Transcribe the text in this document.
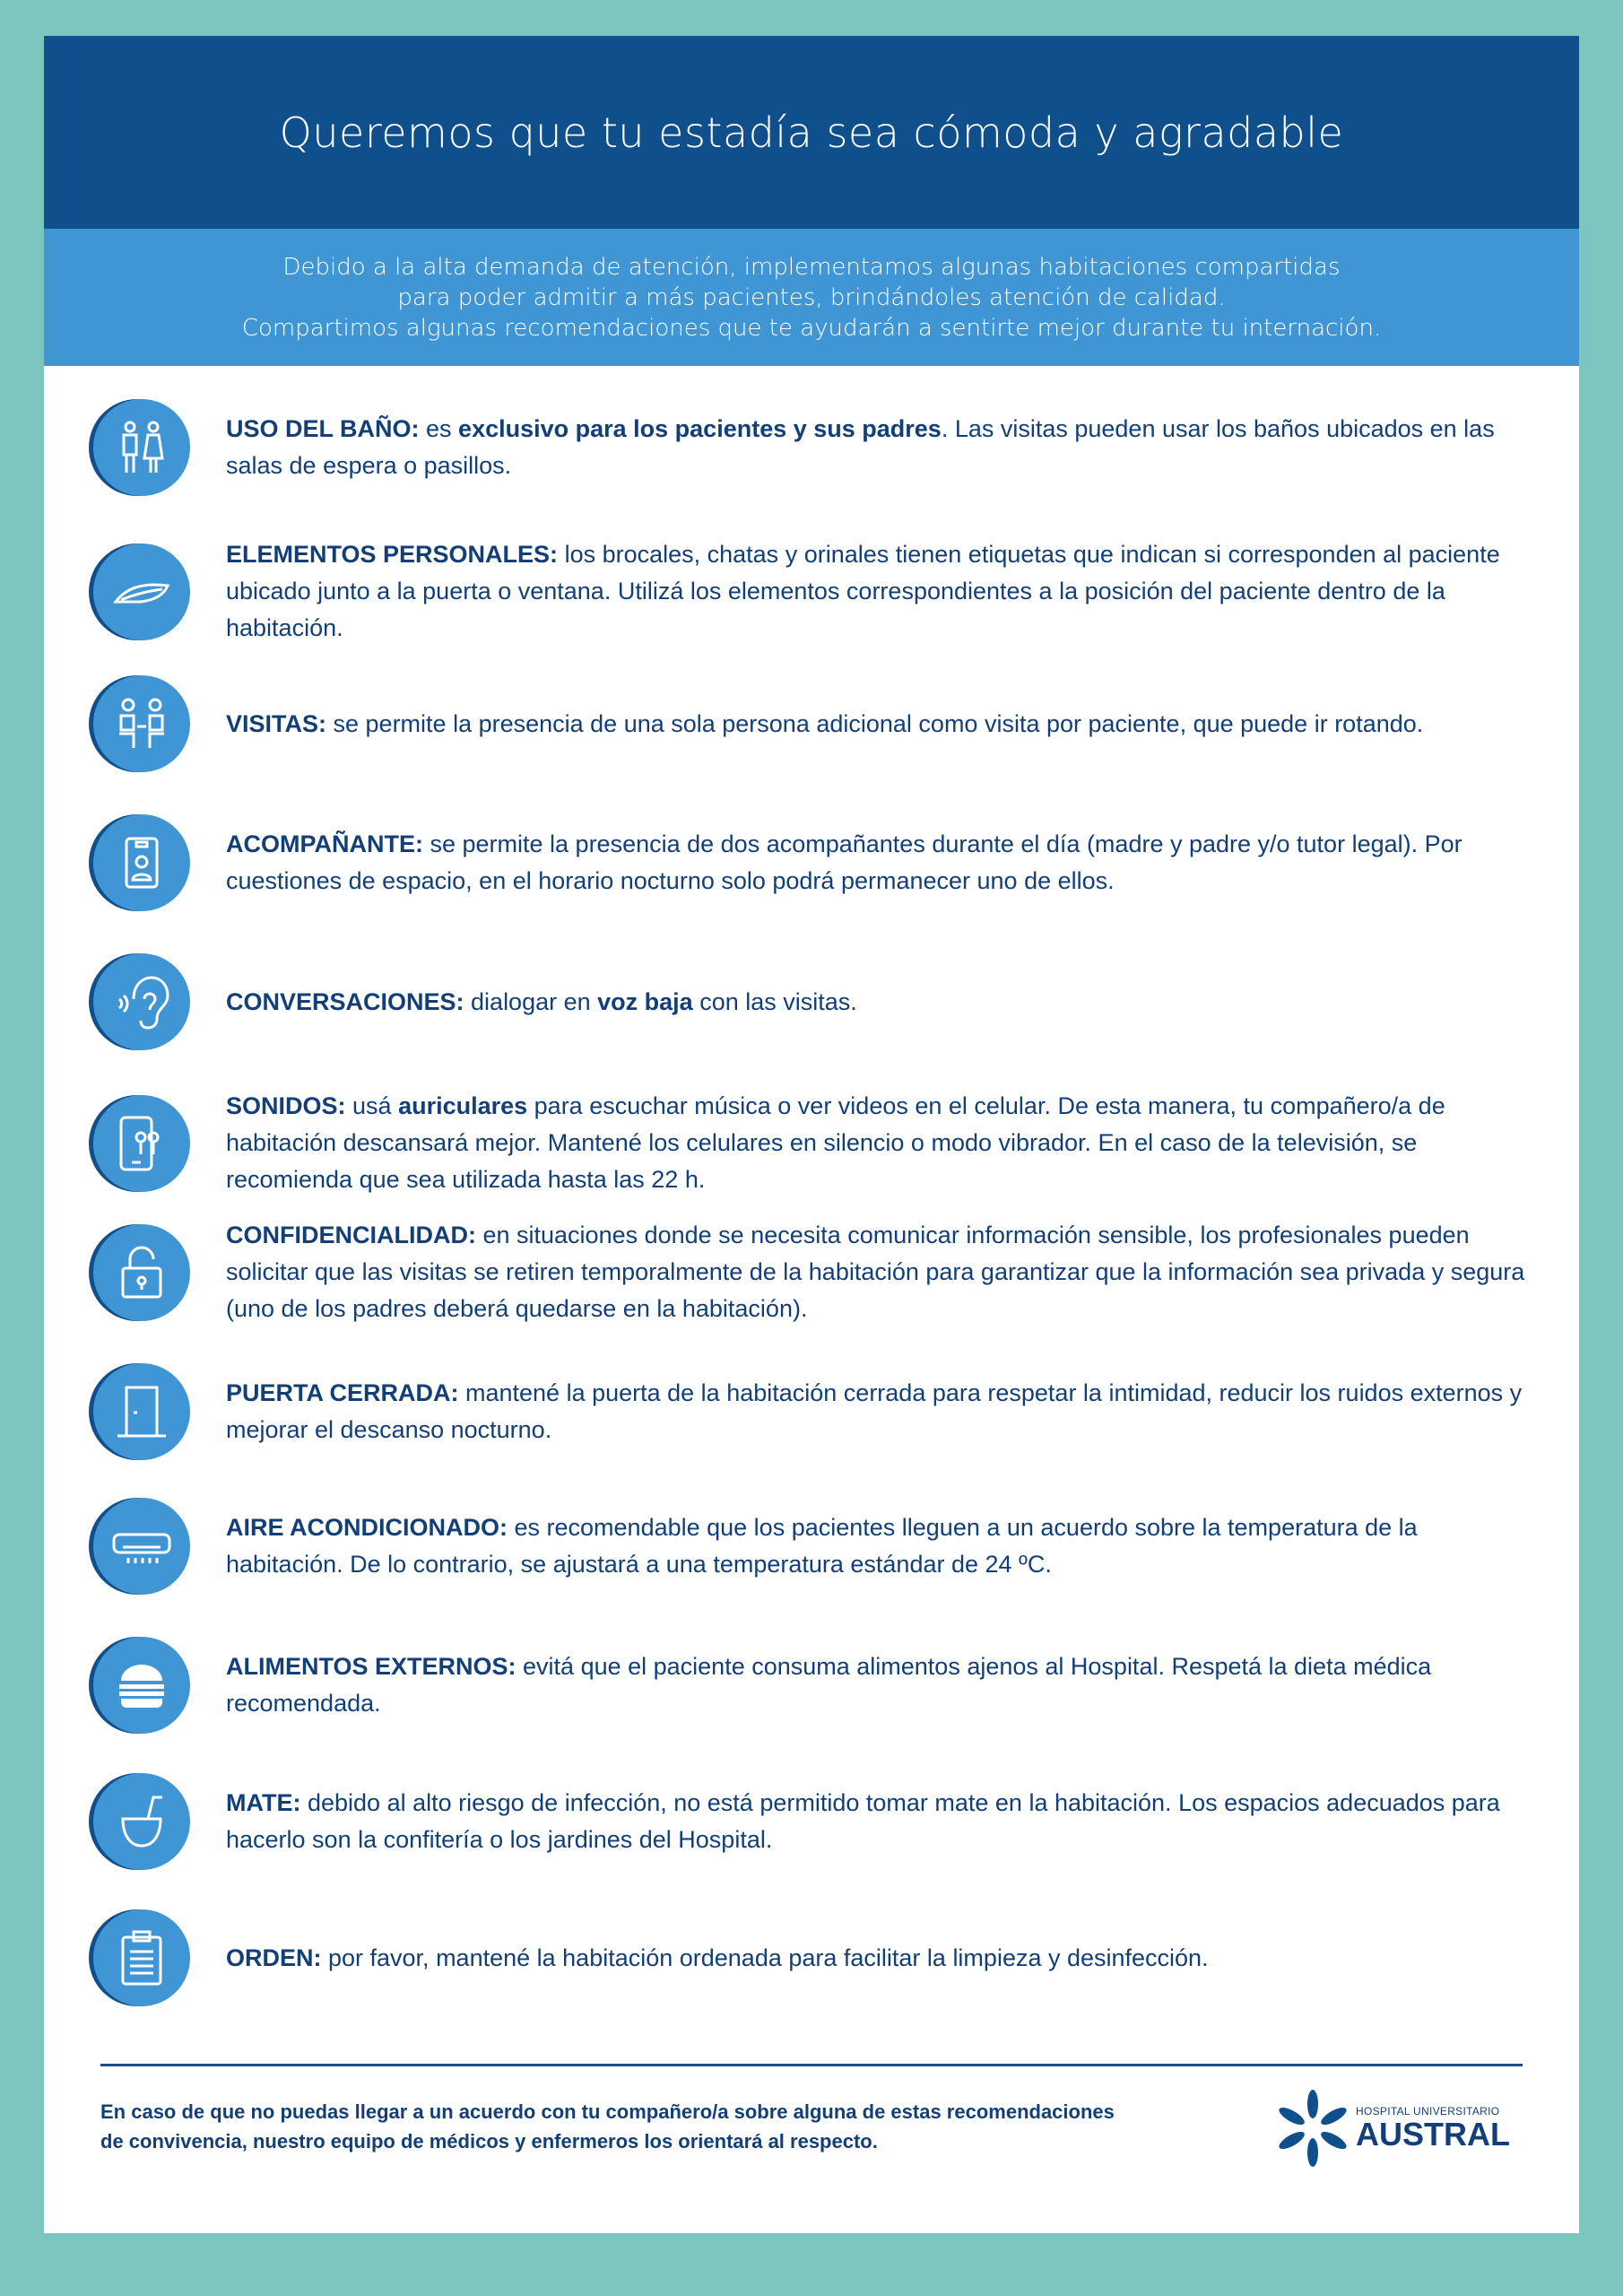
Queremos que tu estadía sea cómoda y agradable
Debido a la alta demanda de atención, implementamos algunas habitaciones compartidas
para poder admitir a más pacientes, brindándoles atención de calidad.
Compartimos algunas recomendaciones que te ayudarán a sentirte mejor durante tu internación.
USO DEL BAÑO: es exclusivo para los pacientes y sus padres. Las visitas pueden usar los baños ubicados en las salas de espera o pasillos.
ELEMENTOS PERSONALES: los brocales, chatas y orinales tienen etiquetas que indican si corresponden al paciente ubicado junto a la puerta o ventana. Utilizá los elementos correspondientes a la posición del paciente dentro de la habitación.
VISITAS: se permite la presencia de una sola persona adicional como visita por paciente, que puede ir rotando.
ACOMPAÑANTE: se permite la presencia de dos acompañantes durante el día (madre y padre y/o tutor legal). Por cuestiones de espacio, en el horario nocturno solo podrá permanecer uno de ellos.
CONVERSACIONES: dialogar en voz baja con las visitas.
SONIDOS: usá auriculares para escuchar música o ver videos en el celular. De esta manera, tu compañero/a de habitación descansará mejor. Mantené los celulares en silencio o modo vibrador. En el caso de la televisión, se recomienda que sea utilizada hasta las 22 h.
CONFIDENCIALIDAD: en situaciones donde se necesita comunicar información sensible, los profesionales pueden solicitar que las visitas se retiren temporalmente de la habitación para garantizar que la información sea privada y segura (uno de los padres deberá quedarse en la habitación).
PUERTA CERRADA: mantené la puerta de la habitación cerrada para respetar la intimidad, reducir los ruidos externos y mejorar el descanso nocturno.
AIRE ACONDICIONADO: es recomendable que los pacientes lleguen a un acuerdo sobre la temperatura de la habitación. De lo contrario, se ajustará a una temperatura estándar de 24 ºC.
ALIMENTOS EXTERNOS: evitá que el paciente consuma alimentos ajenos al Hospital. Respetá la dieta médica recomendada.
MATE: debido al alto riesgo de infección, no está permitido tomar mate en la habitación. Los espacios adecuados para hacerlo son la confitería o los jardines del Hospital.
ORDEN: por favor, mantené la habitación ordenada para facilitar la limpieza y desinfección.
En caso de que no puedas llegar a un acuerdo con tu compañero/a sobre alguna de estas recomendaciones
de convivencia, nuestro equipo de médicos y enfermeros los orientará al respecto.
HOSPITAL UNIVERSITARIO
AUSTRAL
